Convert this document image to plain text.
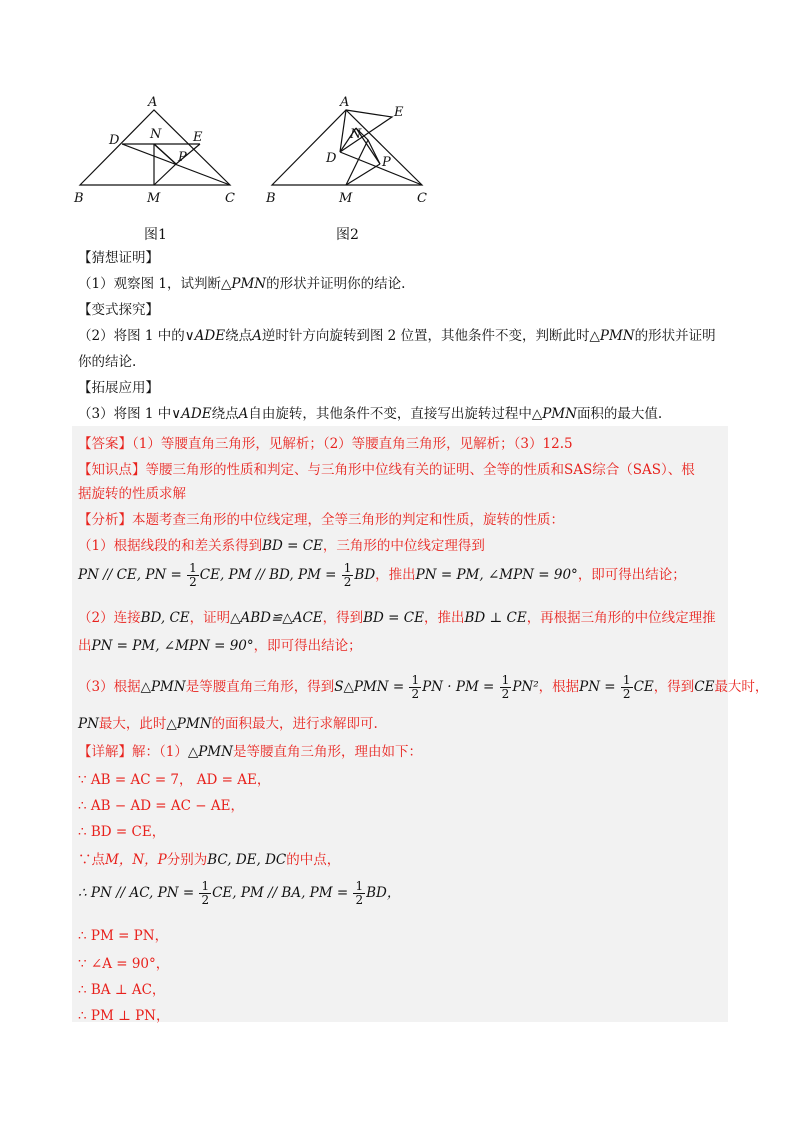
A
B	C
D	E
N
P
M
图1
A
B	C
D
E
N
P
M
图2
【猜想证明】
（1）观察图 1，试判断△PMN的形状并证明你的结论.
【变式探究】
（2）将图 1 中的∨ADE绕点A逆时针方向旋转到图 2 位置，其他条件不变，判断此时△PMN的形状并证明
你的结论.
【拓展应用】
（3）将图 1 中∨ADE绕点A自由旋转，其他条件不变，直接写出旋转过程中△PMN面积的最大值.
【答案】（1）等腰直角三角形，见解析；（2）等腰直角三角形，见解析；（3）12.5
【知识点】等腰三角形的性质和判定、与三角形中位线有关的证明、全等的性质和SAS综合（SAS）、根
据旋转的性质求解
【分析】本题考查三角形的中位线定理，全等三角形的判定和性质，旋转的性质：
（1）根据线段的和差关系得到BD = CE，三角形的中位线定理得到
PN // CE, PN = $\frac{1}{2}$ CE, PM // BD, PM = $\frac{1}{2}$ BD，推出PN = PM, ∠MPN = 90°，即可得出结论；
（2）连接BD, CE，证明△ABD≌△ACE，得到BD = CE，推出BD ⊥ CE，再根据三角形的中位线定理推
出PN = PM, ∠MPN = 90°，即可得出结论；
（3）根据△PMN是等腰直角三角形，得到S△PMN = $\frac{1}{2}$ PN · PM = $\frac{1}{2} PN^2$，根据PN = $\frac{1}{2}$ CE，得到CE最大时，
PN最大，此时△PMN的面积最大，进行求解即可.
【详解】解：（1）△PMN是等腰直角三角形，理由如下：
∵ AB = AC = 7， AD = AE，
∴ AB − AD = AC − AE，
∴ BD = CE，
∵点M，N，P分别为BC, DE, DC的中点，
∴ PN // AC, PN = $\frac{1}{2}$ CE, PM // BA, PM = $\frac{1}{2}$ BD，
∴ PM = PN，
∵ ∠A = 90°，
∴ BA ⊥ AC，
∴ PM ⊥ PN，
